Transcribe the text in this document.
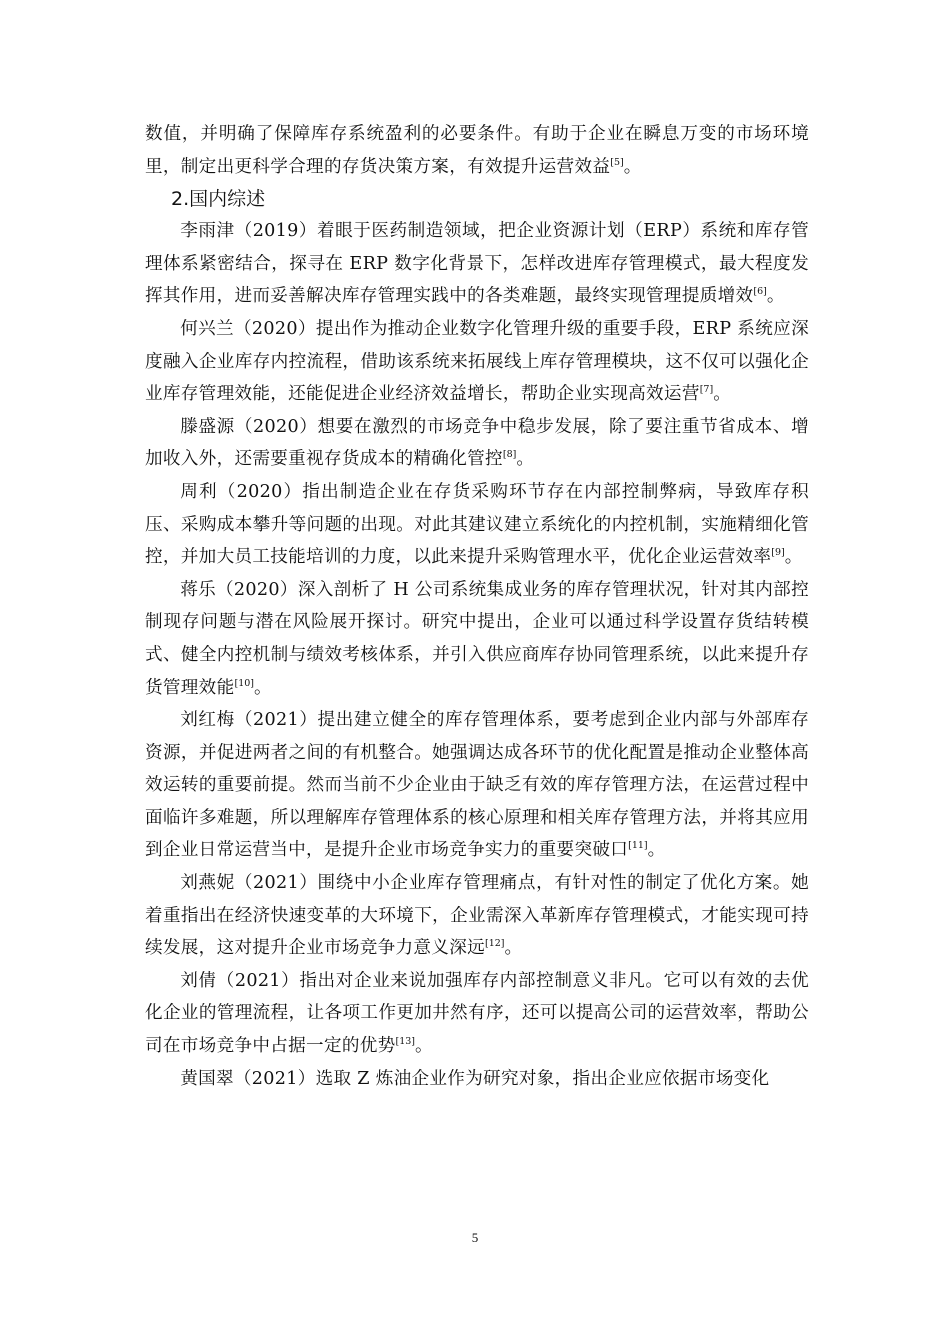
数值，并明确了保障库存系统盈利的必要条件。有助于企业在瞬息万变的市场环境里，制定出更科学合理的存货决策方案，有效提升运营效益[5]。

2.国内综述

李雨津（2019）着眼于医药制造领域，把企业资源计划（ERP）系统和库存管理体系紧密结合，探寻在 ERP 数字化背景下，怎样改进库存管理模式，最大程度发挥其作用，进而妥善解决库存管理实践中的各类难题，最终实现管理提质增效[6]。

何兴兰（2020）提出作为推动企业数字化管理升级的重要手段，ERP 系统应深度融入企业库存内控流程，借助该系统来拓展线上库存管理模块，这不仅可以强化企业库存管理效能，还能促进企业经济效益增长，帮助企业实现高效运营[7]。

滕盛源（2020）想要在激烈的市场竞争中稳步发展，除了要注重节省成本、增加收入外，还需要重视存货成本的精确化管控[8]。

周利（2020）指出制造企业在存货采购环节存在内部控制弊病，导致库存积压、采购成本攀升等问题的出现。对此其建议建立系统化的内控机制，实施精细化管控，并加大员工技能培训的力度，以此来提升采购管理水平，优化企业运营效率[9]。

蒋乐（2020）深入剖析了 H 公司系统集成业务的库存管理状况，针对其内部控制现存问题与潜在风险展开探讨。研究中提出，企业可以通过科学设置存货结转模式、健全内控机制与绩效考核体系，并引入供应商库存协同管理系统，以此来提升存货管理效能[10]。

刘红梅（2021）提出建立健全的库存管理体系，要考虑到企业内部与外部库存资源，并促进两者之间的有机整合。她强调达成各环节的优化配置是推动企业整体高效运转的重要前提。然而当前不少企业由于缺乏有效的库存管理方法，在运营过程中面临许多难题，所以理解库存管理体系的核心原理和相关库存管理方法，并将其应用到企业日常运营当中，是提升企业市场竞争实力的重要突破口[11]。

刘燕妮（2021）围绕中小企业库存管理痛点，有针对性的制定了优化方案。她着重指出在经济快速变革的大环境下，企业需深入革新库存管理模式，才能实现可持续发展，这对提升企业市场竞争力意义深远[12]。

刘倩（2021）指出对企业来说加强库存内部控制意义非凡。它可以有效的去优化企业的管理流程，让各项工作更加井然有序，还可以提高公司的运营效率，帮助公司在市场竞争中占据一定的优势[13]。

黄国翠（2021）选取 Z 炼油企业作为研究对象，指出企业应依据市场变化

5
